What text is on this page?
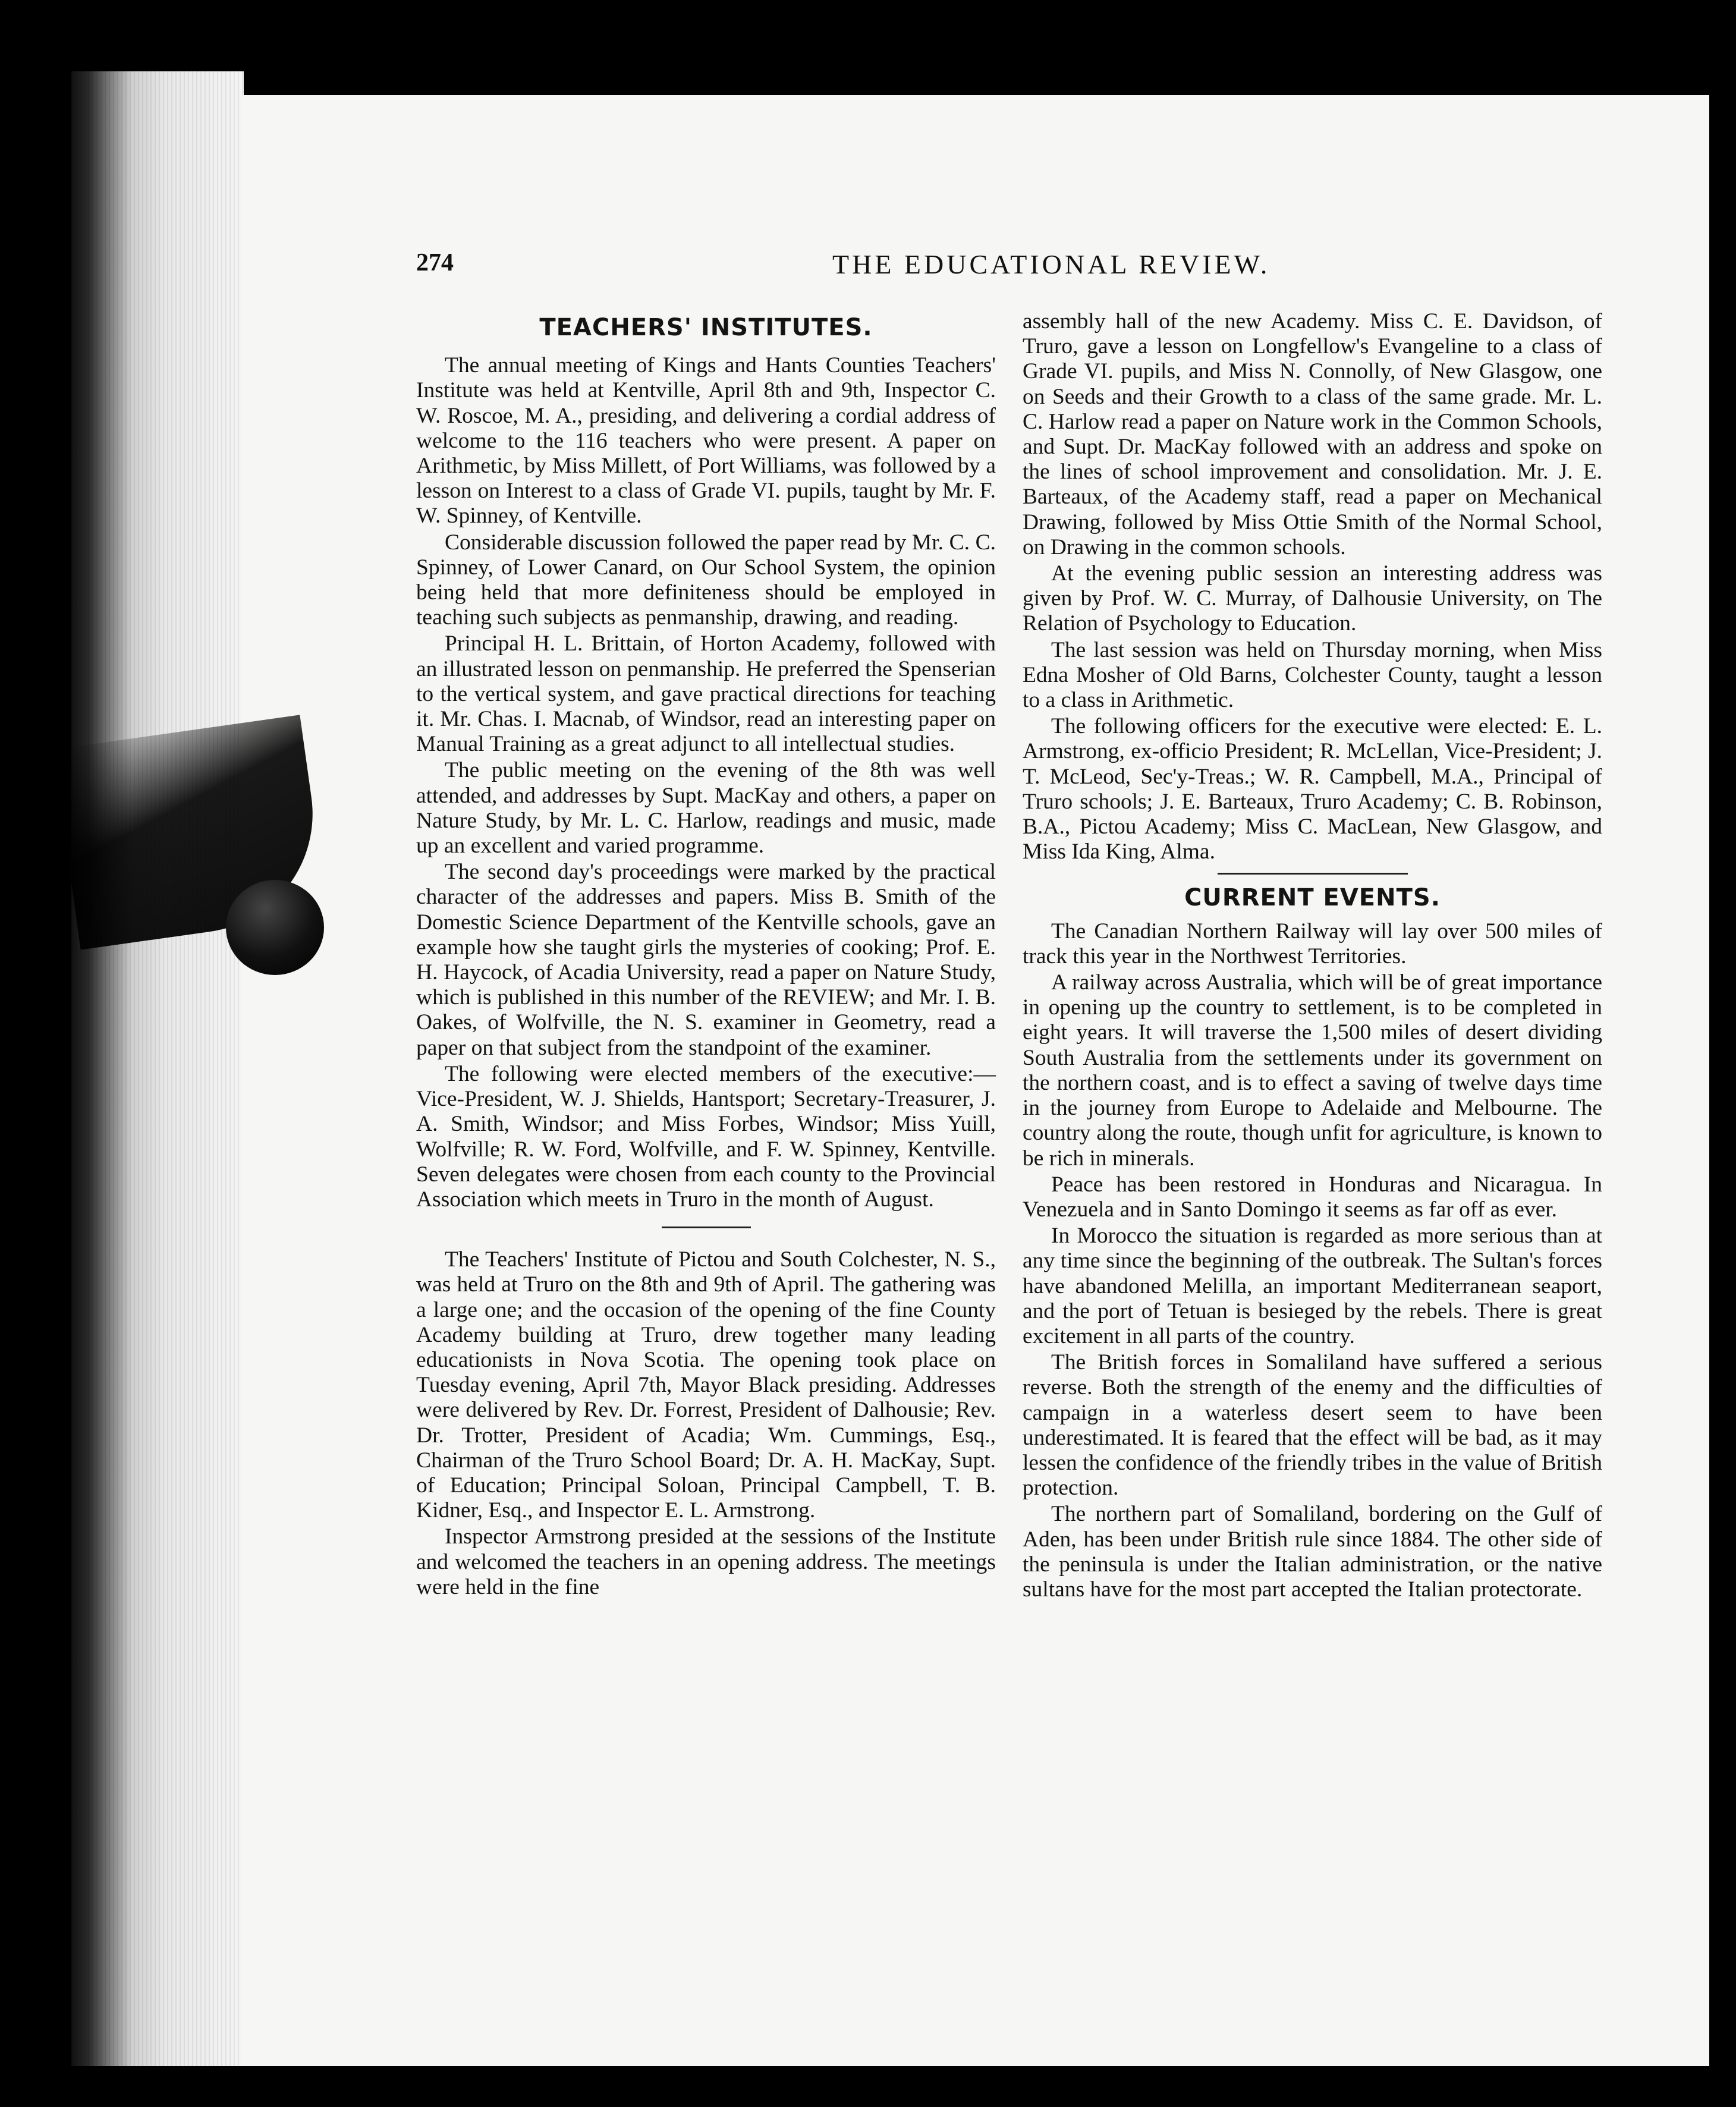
274	THE EDUCATIONAL REVIEW.
TEACHERS' INSTITUTES.

The annual meeting of Kings and Hants Counties Teachers' Institute was held at Kentville, April 8th and 9th, Inspector C. W. Roscoe, M. A., presiding, and delivering a cordial address of welcome to the 116 teachers who were present. A paper on Arithmetic, by Miss Millett, of Port Williams, was followed by a lesson on Interest to a class of Grade VI. pupils, taught by Mr. F. W. Spinney, of Kentville.

Considerable discussion followed the paper read by Mr. C. C. Spinney, of Lower Canard, on Our School System, the opinion being held that more definiteness should be employed in teaching such subjects as penmanship, drawing, and reading.

Principal H. L. Brittain, of Horton Academy, followed with an illustrated lesson on penmanship. He preferred the Spenserian to the vertical system, and gave practical directions for teaching it. Mr. Chas. I. Macnab, of Windsor, read an interesting paper on Manual Training as a great adjunct to all intellectual studies.

The public meeting on the evening of the 8th was well attended, and addresses by Supt. MacKay and others, a paper on Nature Study, by Mr. L. C. Harlow, readings and music, made up an excellent and varied programme.

The second day's proceedings were marked by the practical character of the addresses and papers. Miss B. Smith of the Domestic Science Department of the Kentville schools, gave an example how she taught girls the mysteries of cooking; Prof. E. H. Haycock, of Acadia University, read a paper on Nature Study, which is published in this number of the REVIEW; and Mr. I. B. Oakes, of Wolfville, the N. S. examiner in Geometry, read a paper on that subject from the standpoint of the examiner.

The following were elected members of the executive:—Vice-President, W. J. Shields, Hantsport; Secretary-Treasurer, J. A. Smith, Windsor; and Miss Forbes, Windsor; Miss Yuill, Wolfville; R. W. Ford, Wolfville, and F. W. Spinney, Kentville. Seven delegates were chosen from each county to the Provincial Association which meets in Truro in the month of August.

The Teachers' Institute of Pictou and South Colchester, N. S., was held at Truro on the 8th and 9th of April. The gathering was a large one; and the occasion of the opening of the fine County Academy building at Truro, drew together many leading educationists in Nova Scotia. The opening took place on Tuesday evening, April 7th, Mayor Black presiding. Addresses were delivered by Rev. Dr. Forrest, President of Dalhousie; Rev. Dr. Trotter, President of Acadia; Wm. Cummings, Esq., Chairman of the Truro School Board; Dr. A. H. MacKay, Supt. of Education; Principal Soloan, Principal Campbell, T. B. Kidner, Esq., and Inspector E. L. Armstrong.

Inspector Armstrong presided at the sessions of the Institute and welcomed the teachers in an opening address. The meetings were held in the fine

assembly hall of the new Academy. Miss C. E. Davidson, of Truro, gave a lesson on Longfellow's Evangeline to a class of Grade VI. pupils, and Miss N. Connolly, of New Glasgow, one on Seeds and their Growth to a class of the same grade. Mr. L. C. Harlow read a paper on Nature work in the Common Schools, and Supt. Dr. MacKay followed with an address and spoke on the lines of school improvement and consolidation. Mr. J. E. Barteaux, of the Academy staff, read a paper on Mechanical Drawing, followed by Miss Ottie Smith of the Normal School, on Drawing in the common schools.

At the evening public session an interesting address was given by Prof. W. C. Murray, of Dalhousie University, on The Relation of Psychology to Education.

The last session was held on Thursday morning, when Miss Edna Mosher of Old Barns, Colchester County, taught a lesson to a class in Arithmetic.

The following officers for the executive were elected: E. L. Armstrong, ex-officio President; R. McLellan, Vice-President; J. T. McLeod, Sec'y-Treas.; W. R. Campbell, M.A., Principal of Truro schools; J. E. Barteaux, Truro Academy; C. B. Robinson, B.A., Pictou Academy; Miss C. MacLean, New Glasgow, and Miss Ida King, Alma.

CURRENT EVENTS.

The Canadian Northern Railway will lay over 500 miles of track this year in the Northwest Territories.

A railway across Australia, which will be of great importance in opening up the country to settlement, is to be completed in eight years. It will traverse the 1,500 miles of desert dividing South Australia from the settlements under its government on the northern coast, and is to effect a saving of twelve days time in the journey from Europe to Adelaide and Melbourne. The country along the route, though unfit for agriculture, is known to be rich in minerals.

Peace has been restored in Honduras and Nicaragua. In Venezuela and in Santo Domingo it seems as far off as ever.

In Morocco the situation is regarded as more serious than at any time since the beginning of the outbreak. The Sultan's forces have abandoned Melilla, an important Mediterranean seaport, and the port of Tetuan is besieged by the rebels. There is great excitement in all parts of the country.

The British forces in Somaliland have suffered a serious reverse. Both the strength of the enemy and the difficulties of campaign in a waterless desert seem to have been underestimated. It is feared that the effect will be bad, as it may lessen the confidence of the friendly tribes in the value of British protection.

The northern part of Somaliland, bordering on the Gulf of Aden, has been under British rule since 1884. The other side of the peninsula is under the Italian administration, or the native sultans have for the most part accepted the Italian protectorate.
